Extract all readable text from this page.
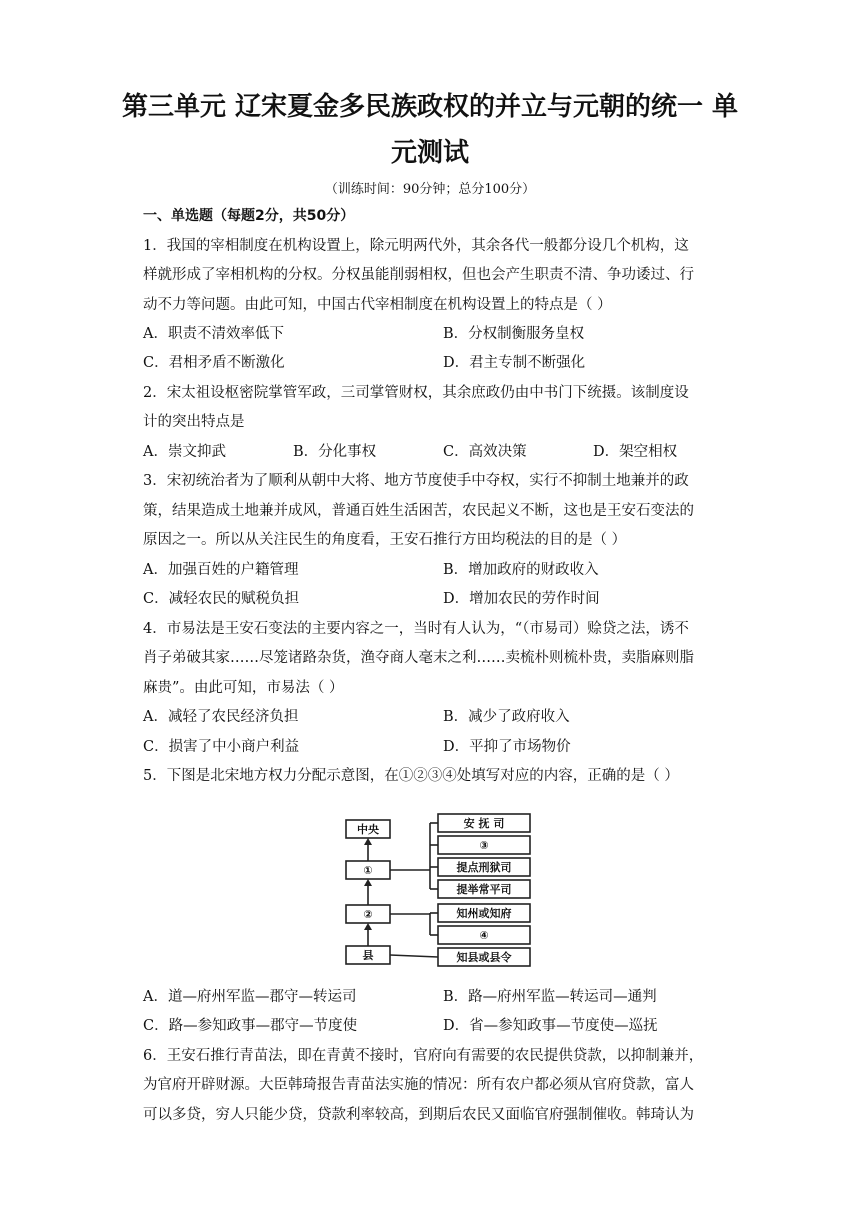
第三单元 辽宋夏金多民族政权的并立与元朝的统一 单
元测试
（训练时间：90分钟；总分100分）
一、单选题（每题2分，共50分）
1．我国的宰相制度在机构设置上，除元明两代外，其余各代一般都分设几个机构，这
样就形成了宰相机构的分权。分权虽能削弱相权，但也会产生职责不清、争功诿过、行
动不力等问题。由此可知，中国古代宰相制度在机构设置上的特点是（ ）
A．职责不清效率低下	B．分权制衡服务皇权
C．君相矛盾不断激化	D．君主专制不断强化
2．宋太祖设枢密院掌管军政，三司掌管财权，其余庶政仍由中书门下统摄。该制度设
计的突出特点是
A．崇文抑武	B．分化事权	C．高效决策	D．架空相权
3．宋初统治者为了顺利从朝中大将、地方节度使手中夺权，实行不抑制土地兼并的政
策，结果造成土地兼并成风，普通百姓生活困苦，农民起义不断，这也是王安石变法的
原因之一。所以从关注民生的角度看，王安石推行方田均税法的目的是（ ）
A．加强百姓的户籍管理	B．增加政府的财政收入
C．减轻农民的赋税负担	D．增加农民的劳作时间
4．市易法是王安石变法的主要内容之一，当时有人认为，“（市易司）赊贷之法，诱不
肖子弟破其家……尽笼诸路杂货，渔夺商人毫末之利……卖梳朴则梳朴贵，卖脂麻则脂
麻贵”。由此可知，市易法（ ）
A．减轻了农民经济负担	B．减少了政府收入
C．损害了中小商户利益	D．平抑了市场物价
5．下图是北宋地方权力分配示意图，在①②③④处填写对应的内容，正确的是（ ）
中央
①
②
县
安 抚 司
③
提点刑狱司
提举常平司
知州或知府
④
知县或县令
A．道—府州军监—郡守—转运司	B．路—府州军监—转运司—通判
C．路—参知政事—郡守—节度使	D．省—参知政事—节度使—巡抚
6．王安石推行青苗法，即在青黄不接时，官府向有需要的农民提供贷款，以抑制兼并，
为官府开辟财源。大臣韩琦报告青苗法实施的情况：所有农户都必须从官府贷款，富人
可以多贷，穷人只能少贷，贷款利率较高，到期后农民又面临官府强制催收。韩琦认为
